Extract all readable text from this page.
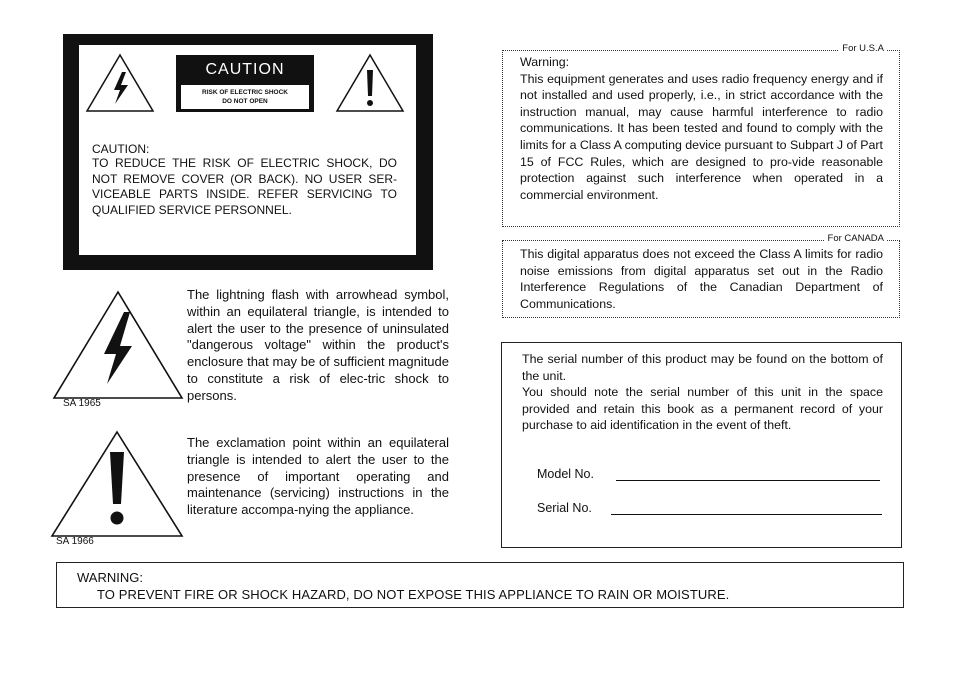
CAUTION
RISK OF ELECTRIC SHOCK
DO NOT OPEN
CAUTION:
TO REDUCE THE RISK OF ELECTRIC SHOCK, DO NOT REMOVE COVER (OR BACK). NO USER SER-VICEABLE PARTS INSIDE. REFER SERVICING TO QUALIFIED SERVICE PERSONNEL.
SA 1965
The lightning flash with arrowhead symbol, within an equilateral triangle, is intended to alert the user to the presence of uninsulated "dangerous voltage" within the product's enclosure that may be of sufficient magnitude to constitute a risk of elec-tric shock to persons.
SA 1966
The exclamation point within an equilateral triangle is intended to alert the user to the presence of important operating and maintenance (servicing) instructions in the literature accompa-nying the appliance.
For U.S.A
Warning:
This equipment generates and uses radio frequency energy and if not installed and used properly, i.e., in strict accordance with the instruction manual, may cause harmful interference to radio communications. It has been tested and found to comply with the limits for a Class A computing device pursuant to Subpart J of Part 15 of FCC Rules, which are designed to pro-vide reasonable protection against such interference when operated in a commercial environment.
For CANADA
This digital apparatus does not exceed the Class A limits for radio noise emissions from digital apparatus set out in the Radio Interference Regulations of the Canadian Department of Communications.
The serial number of this product may be found on the bottom of the unit.
You should note the serial number of this unit in the space provided and retain this book as a permanent record of your purchase to aid identification in the event of theft.
Model No.
Serial No.
WARNING:
TO PREVENT FIRE OR SHOCK HAZARD, DO NOT EXPOSE THIS APPLIANCE TO RAIN OR MOISTURE.
